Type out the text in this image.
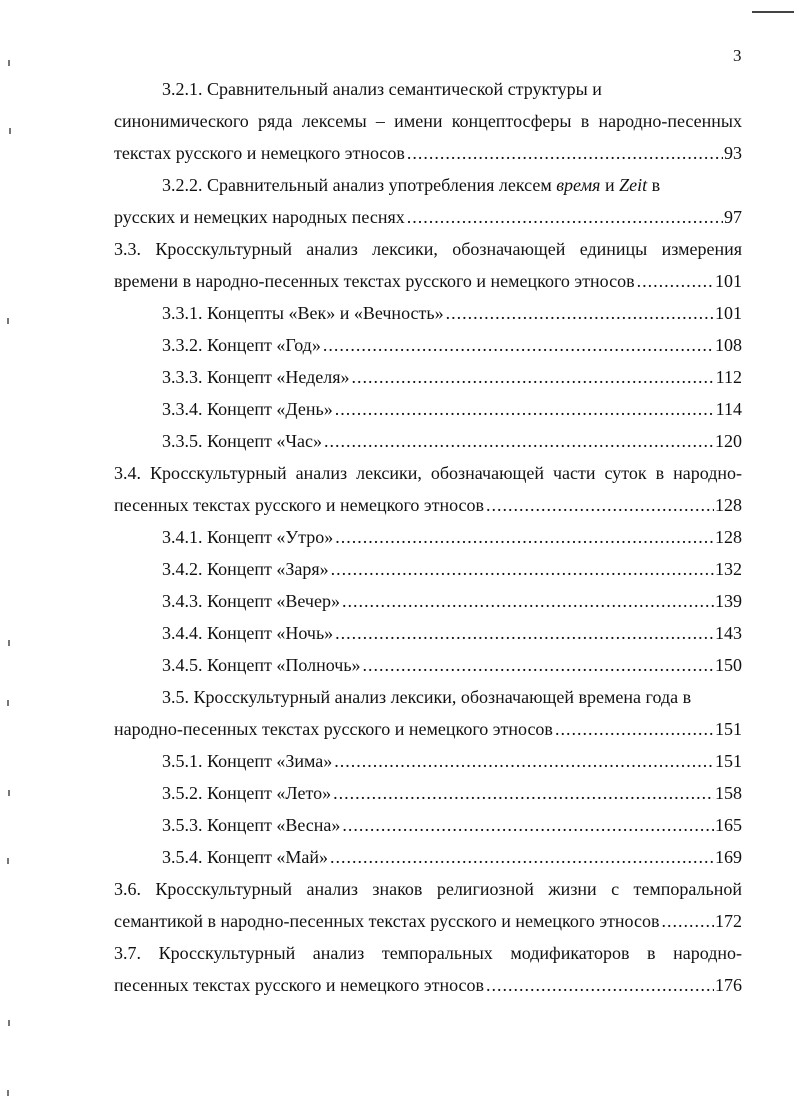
3
3.2.1. Сравнительный анализ семантической структуры и
синонимического ряда лексемы – имени концептосферы в народно-песенных
текстах русского и немецкого этносов .....	93
3.2.2. Сравнительный анализ употребления лексем время и Zeit в
русских и немецких народных песнях .....	97
3.3. Кросскультурный анализ лексики, обозначающей единицы измерения
времени в народно-песенных текстах русского и немецкого этносов .....	101
3.3.1. Концепты «Век» и «Вечность» .....	101
3.3.2. Концепт «Год» .....	108
3.3.3. Концепт «Неделя» .....	112
3.3.4. Концепт «День» .....	114
3.3.5. Концепт «Час» .....	120
3.4. Кросскультурный анализ лексики, обозначающей части суток в народно-
песенных текстах русского и немецкого этносов .....	128
3.4.1. Концепт «Утро» .....	128
3.4.2. Концепт «Заря» .....	132
3.4.3. Концепт «Вечер» .....	139
3.4.4. Концепт «Ночь» .....	143
3.4.5. Концепт «Полночь» .....	150
3.5. Кросскультурный анализ лексики, обозначающей времена года в
народно-песенных текстах русского и немецкого этносов .....	151
3.5.1. Концепт «Зима» .....	151
3.5.2. Концепт «Лето» .....	158
3.5.3. Концепт «Весна» .....	165
3.5.4. Концепт «Май» .....	169
3.6. Кросскультурный анализ знаков религиозной жизни с темпоральной
семантикой в народно-песенных текстах русского и немецкого этносов .....	172
3.7. Кросскультурный анализ темпоральных модификаторов в народно-
песенных текстах русского и немецкого этносов .....	176
